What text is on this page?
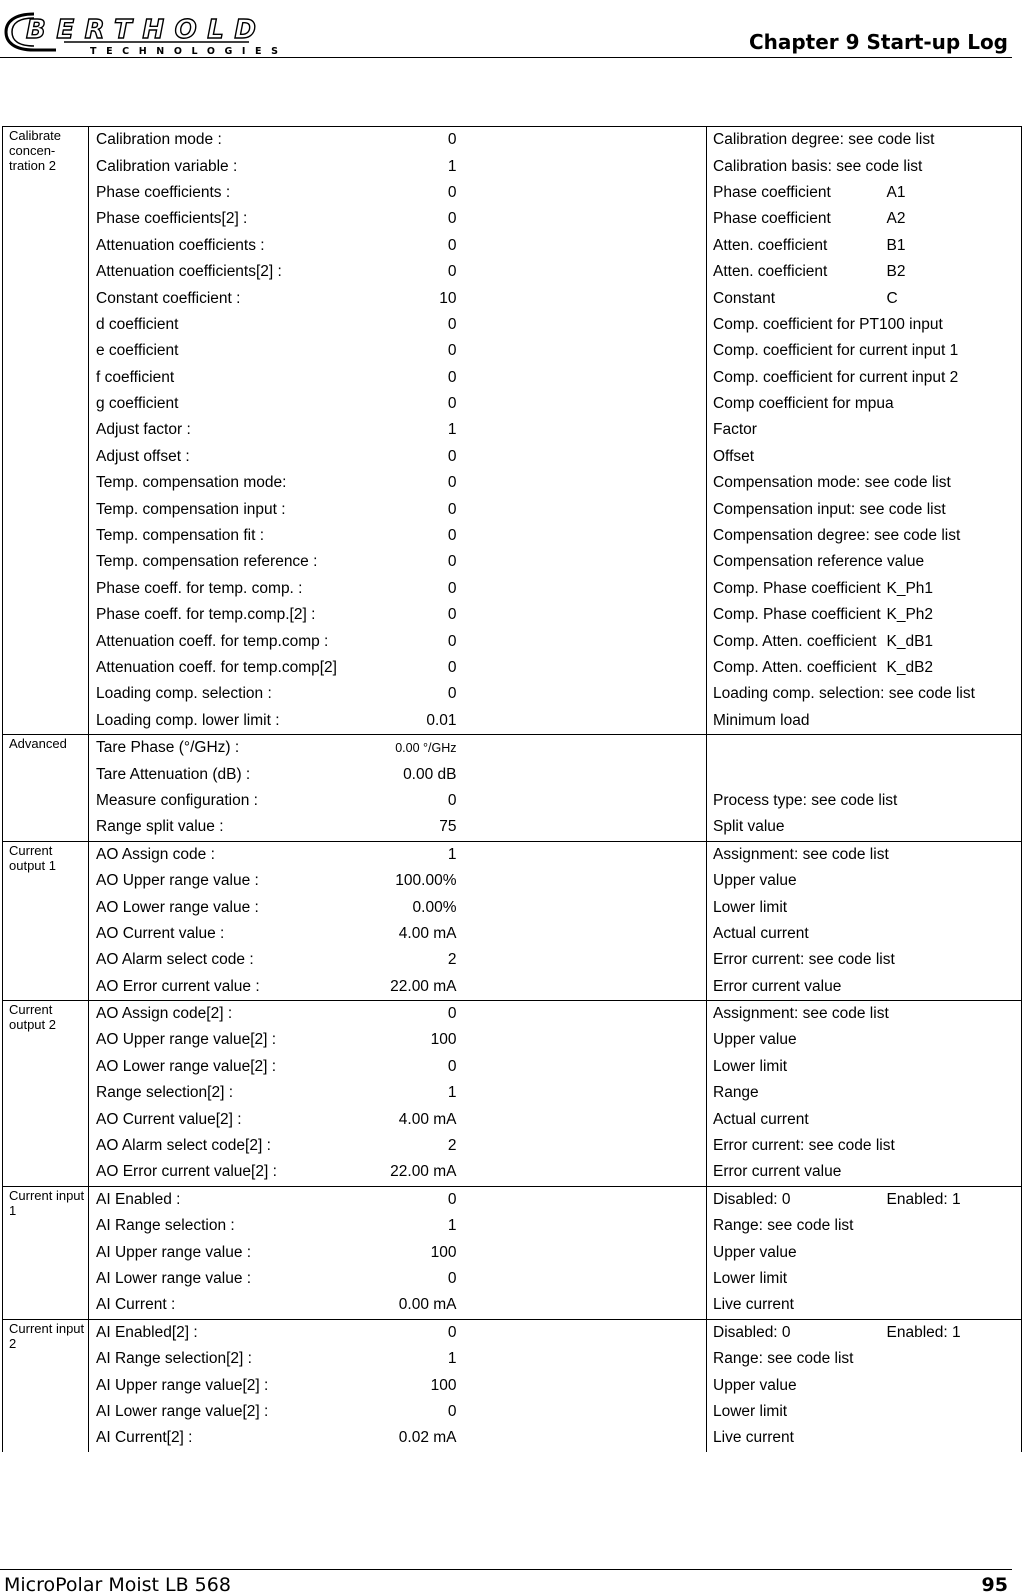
BERTHOLD
TECHNOLOGIES	Chapter 9 Start-up Log
Calibrate concen-tration 2	Calibration mode :	0		Calibration degree: see code list	
	Calibration variable :	1		Calibration basis: see code list	
	Phase coefficients :	0		Phase coefficient	A1
	Phase coefficients[2] :	0		Phase coefficient	A2
	Attenuation coefficients :	0		Atten. coefficient	B1
	Attenuation coefficients[2] :	0		Atten. coefficient	B2
	Constant coefficient :	10		Constant	C
	d coefficient	0		Comp. coefficient for PT100 input	
	e coefficient	0		Comp. coefficient for current input 1	
	f coefficient	0		Comp. coefficient for current input 2	
	g coefficient	0		Comp coefficient for mpua	
	Adjust factor :	1		Factor	
	Adjust offset :	0		Offset	
	Temp. compensation mode:	0		Compensation mode: see code list	
	Temp. compensation input :	0		Compensation input: see code list	
	Temp. compensation fit :	0		Compensation degree: see code list	
	Temp. compensation reference :	0		Compensation reference value	
	Phase coeff. for temp. comp. :	0		Comp. Phase coefficient	K_Ph1
	Phase coeff. for temp.comp.[2] :	0		Comp. Phase coefficient	K_Ph2
	Attenuation coeff. for temp.comp :	0		Comp. Atten. coefficient	K_dB1
	Attenuation coeff. for temp.comp[2]	0		Comp. Atten. coefficient	K_dB2
	Loading comp. selection :	0		Loading comp. selection: see code list	
	Loading comp. lower limit :	0.01		Minimum load	
Advanced	Tare Phase (°/GHz) :	0.00 °/GHz			
	Tare Attenuation (dB) :	0.00 dB			
	Measure configuration :	0		Process type: see code list	
	Range split value :	75		Split value	
Current output 1	AO Assign code :	1		Assignment: see code list	
	AO Upper range value :	100.00%		Upper value	
	AO Lower range value :	0.00%		Lower limit	
	AO Current value :	4.00 mA		Actual current	
	AO Alarm select code :	2		Error current: see code list	
	AO Error current value :	22.00 mA		Error current value	
Current output 2	AO Assign code[2] :	0		Assignment: see code list	
	AO Upper range value[2] :	100		Upper value	
	AO Lower range value[2] :	0		Lower limit	
	Range selection[2] :	1		Range	
	AO Current value[2] :	4.00 mA		Actual current	
	AO Alarm select code[2] :	2		Error current: see code list	
	AO Error current value[2] :	22.00 mA		Error current value	
Current input 1	AI Enabled :	0		Disabled: 0	Enabled: 1
	AI Range selection :	1		Range: see code list	
	AI Upper range value :	100		Upper value	
	AI Lower range value :	0		Lower limit	
	AI Current :	0.00 mA		Live current	
Current input 2	AI Enabled[2] :	0		Disabled: 0	Enabled: 1
	AI Range selection[2] :	1		Range: see code list	
	AI Upper range value[2] :	100		Upper value	
	AI Lower range value[2] :	0		Lower limit	
	AI Current[2] :	0.02 mA		Live current	
MicroPolar Moist LB 568	95
